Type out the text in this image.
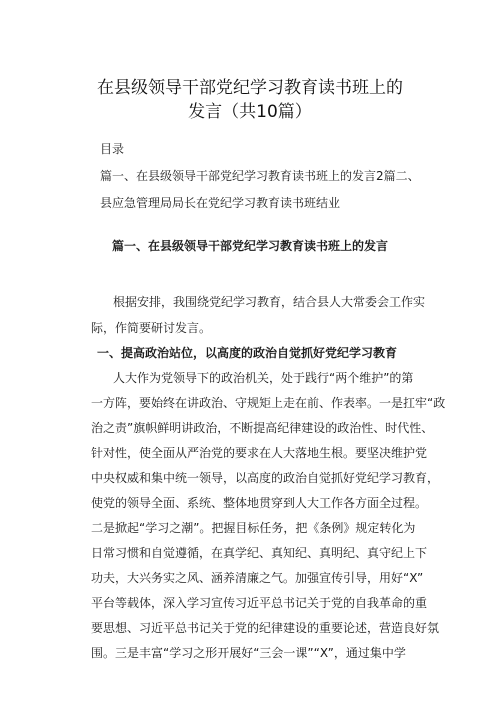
在县级领导干部党纪学习教育读书班上的
发言（共10篇）
目录
篇一、在县级领导干部党纪学习教育读书班上的发言2篇二、
县应急管理局局长在党纪学习教育读书班结业
篇一、在县级领导干部党纪学习教育读书班上的发言
根据安排，我围绕党纪学习教育，结合县人大常委会工作实
际，作简要研讨发言。
一、提高政治站位，以高度的政治自觉抓好党纪学习教育
人大作为党领导下的政治机关，处于践行“两个维护”的第
一方阵，要始终在讲政治、守规矩上走在前、作表率。一是扛牢“政
治之责”旗帜鲜明讲政治，不断提高纪律建设的政治性、时代性、
针对性，使全面从严治党的要求在人大落地生根。要坚决维护党
中央权威和集中统一领导，以高度的政治自觉抓好党纪学习教育，
使党的领导全面、系统、整体地贯穿到人大工作各方面全过程。
二是掀起“学习之潮”。把握目标任务，把《条例》规定转化为
日常习惯和自觉遵循，在真学纪、真知纪、真明纪、真守纪上下
功夫，大兴务实之风、涵养清廉之气。加强宣传引导，用好“X”
平台等载体，深入学习宣传习近平总书记关于党的自我革命的重
要思想、习近平总书记关于党的纪律建设的重要论述，营造良好氛
围。三是丰富“学习之形开展好“三会一课”“X”，通过集中学
